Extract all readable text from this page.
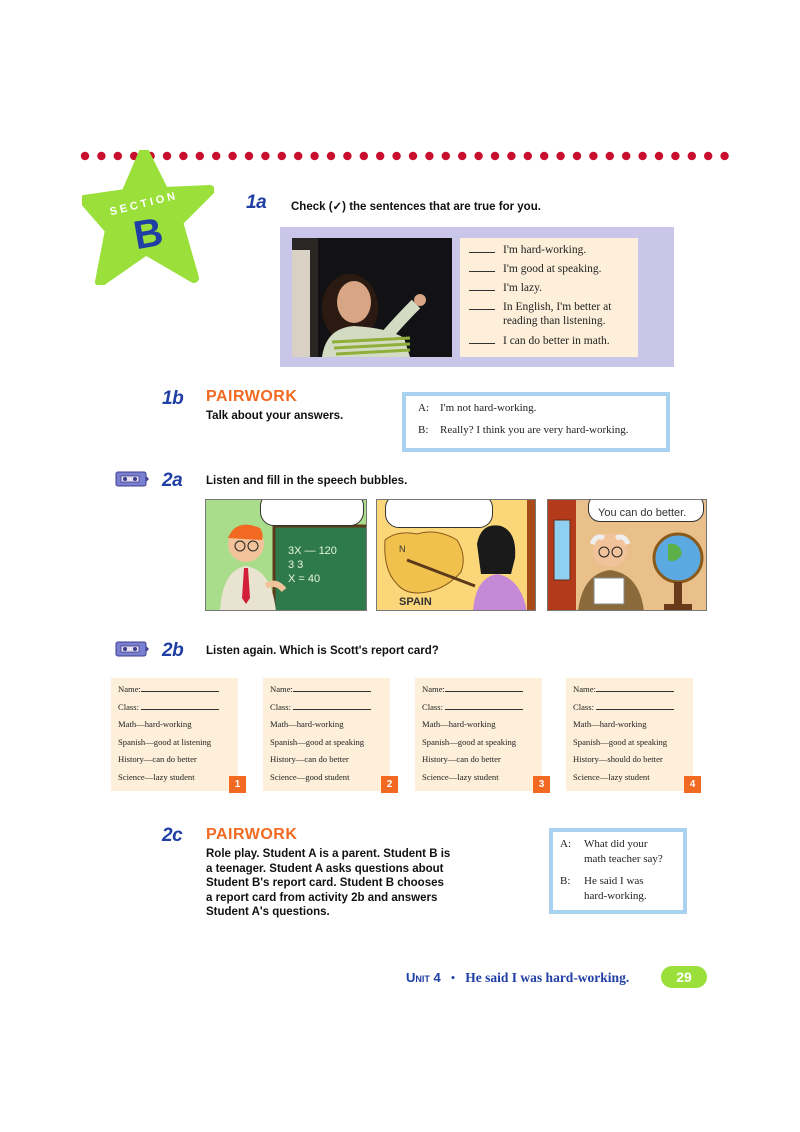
SECTION
B
1a Check (✓) the sentences that are true for you.
I'm hard-working.
I'm good at speaking.
I'm lazy.
In English, I'm better at
reading than listening.
I can do better in math.
1b PAIRWORK
Talk about your answers.
A: I'm not hard-working.
B: Really? I think you are very hard-working.
2a Listen and fill in the speech bubbles.
3X — 120
3 3
X = 40
N
SPAIN
You can do better.
2b Listen again. Which is Scott's report card?
Name:
Class:
Math—hard-working
Spanish—good at listening
History—can do better
Science—lazy student
1
Name:
Class:
Math—hard-working
Spanish—good at speaking
History—can do better
Science—good student
2
Name:
Class:
Math—hard-working
Spanish—good at speaking
History—can do better
Science—lazy student
3
Name:
Class:
Math—hard-working
Spanish—good at speaking
History—should do better
Science—lazy student
4
2c PAIRWORK
Role play. Student A is a parent. Student B is
a teenager. Student A asks questions about
Student B's report card. Student B chooses
a report card from activity 2b and answers
Student A's questions.
A: What did your
math teacher say?
B: He said I was
hard-working.
Unit 4 • He said I was hard-working.	29
